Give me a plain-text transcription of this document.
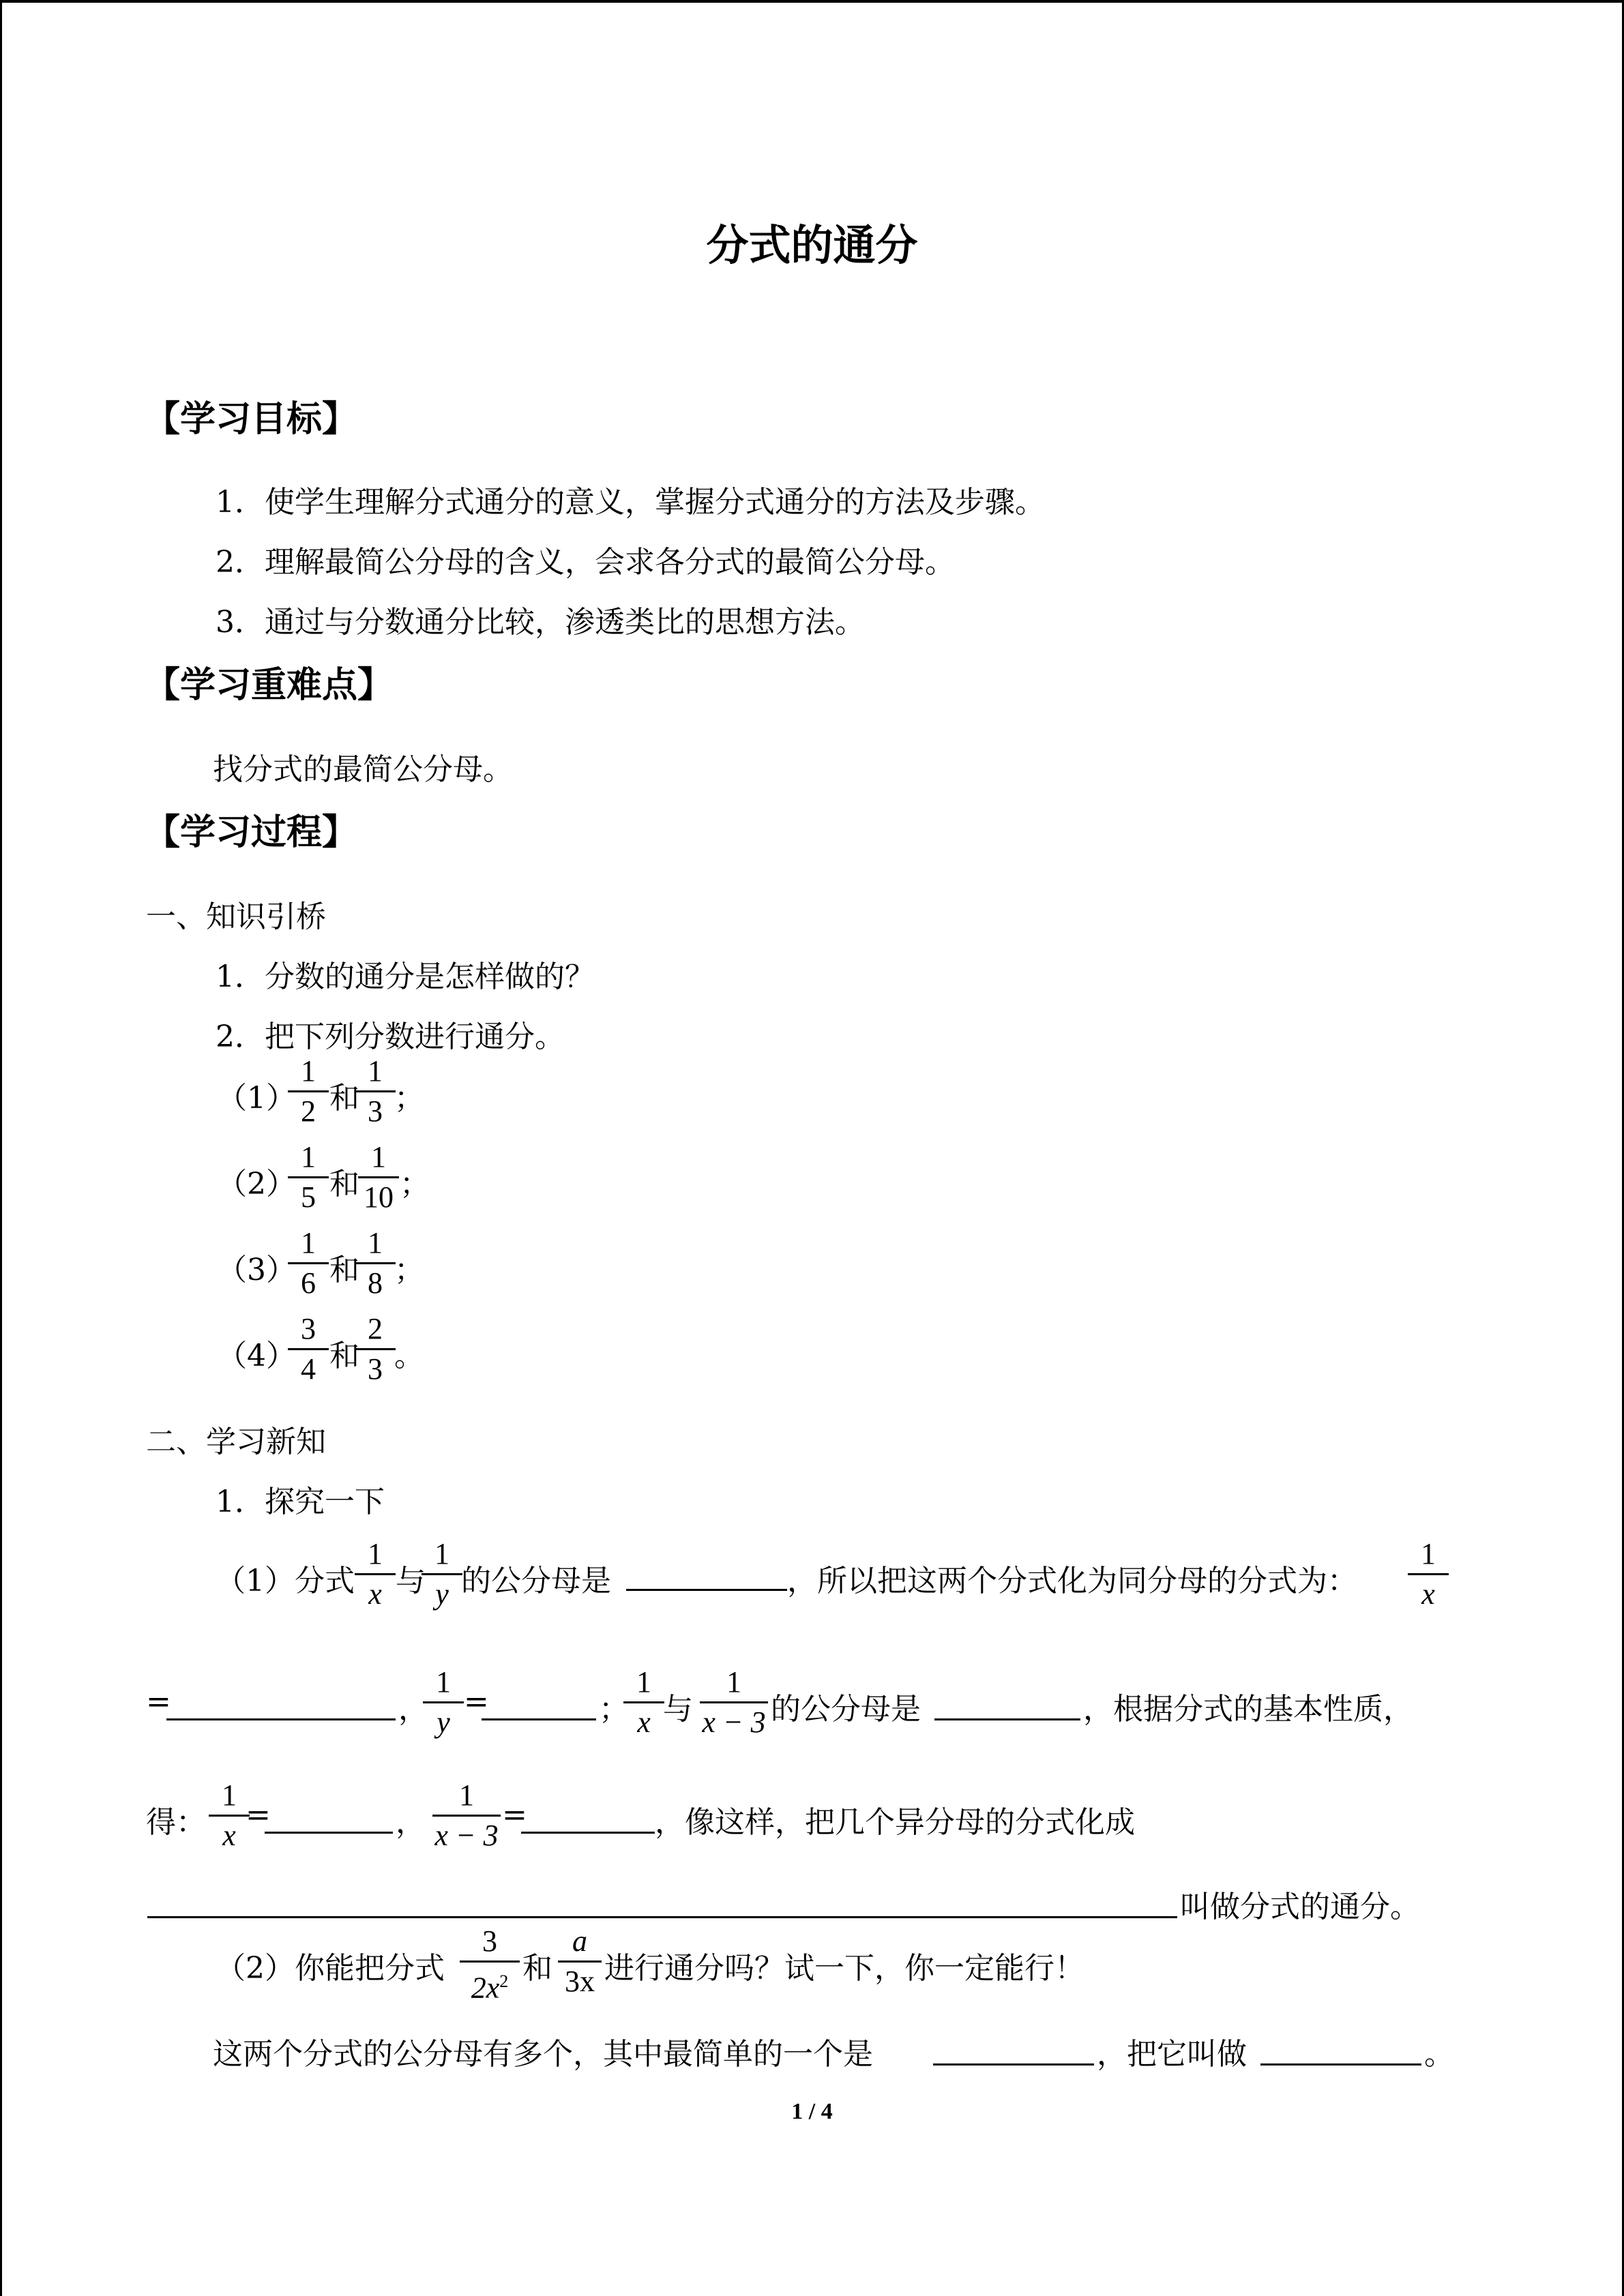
分式的通分
【学习目标】
1．使学生理解分式通分的意义，掌握分式通分的方法及步骤。
2．理解最简公分母的含义，会求各分式的最简公分母。
3．通过与分数通分比较，渗透类比的思想方法。
【学习重难点】
找分式的最简公分母。
【学习过程】
一、知识引桥
1．分数的通分是怎样做的？
2．把下列分数进行通分。
（1）
$\frac{1}{2}$ 和
$\frac{1}{3}$
；
（2）
$\frac{1}{5}$ 和
$\frac{1}{10}$ ；
（3）
$\frac{1}{6}$ 和
$\frac{1}{8}$
；
（4）
$\frac{3}{4}$ 和
$\frac{2}{3}$
。
二、学习新知
1．探究一下
（1）分式 $\frac{1}{x}$ 与
$\frac{1}{y}$
的公分母是	，所以把这两个分式化为同分母的分式为： $\frac{1}{x}$
=	，
$\frac{1}{y}$ =	；
$\frac{1}{x}$
与 $\frac{1}{x - 3}$ 的公分母是	，根据分式的基本性质，
得： $\frac{1}{x}$
=	， $\frac{1}{x - 3}$ =	，像这样，把几个异分母的分式化成
叫做分式的通分。
（2）你能把分式 $\frac{3}{2x^2}$ 和 $\frac{a}{3x}$ 进行通分吗？试一下，你一定能行！
这两个分式的公分母有多个，其中最简单的一个是	，把它叫做	。
1 / 4
